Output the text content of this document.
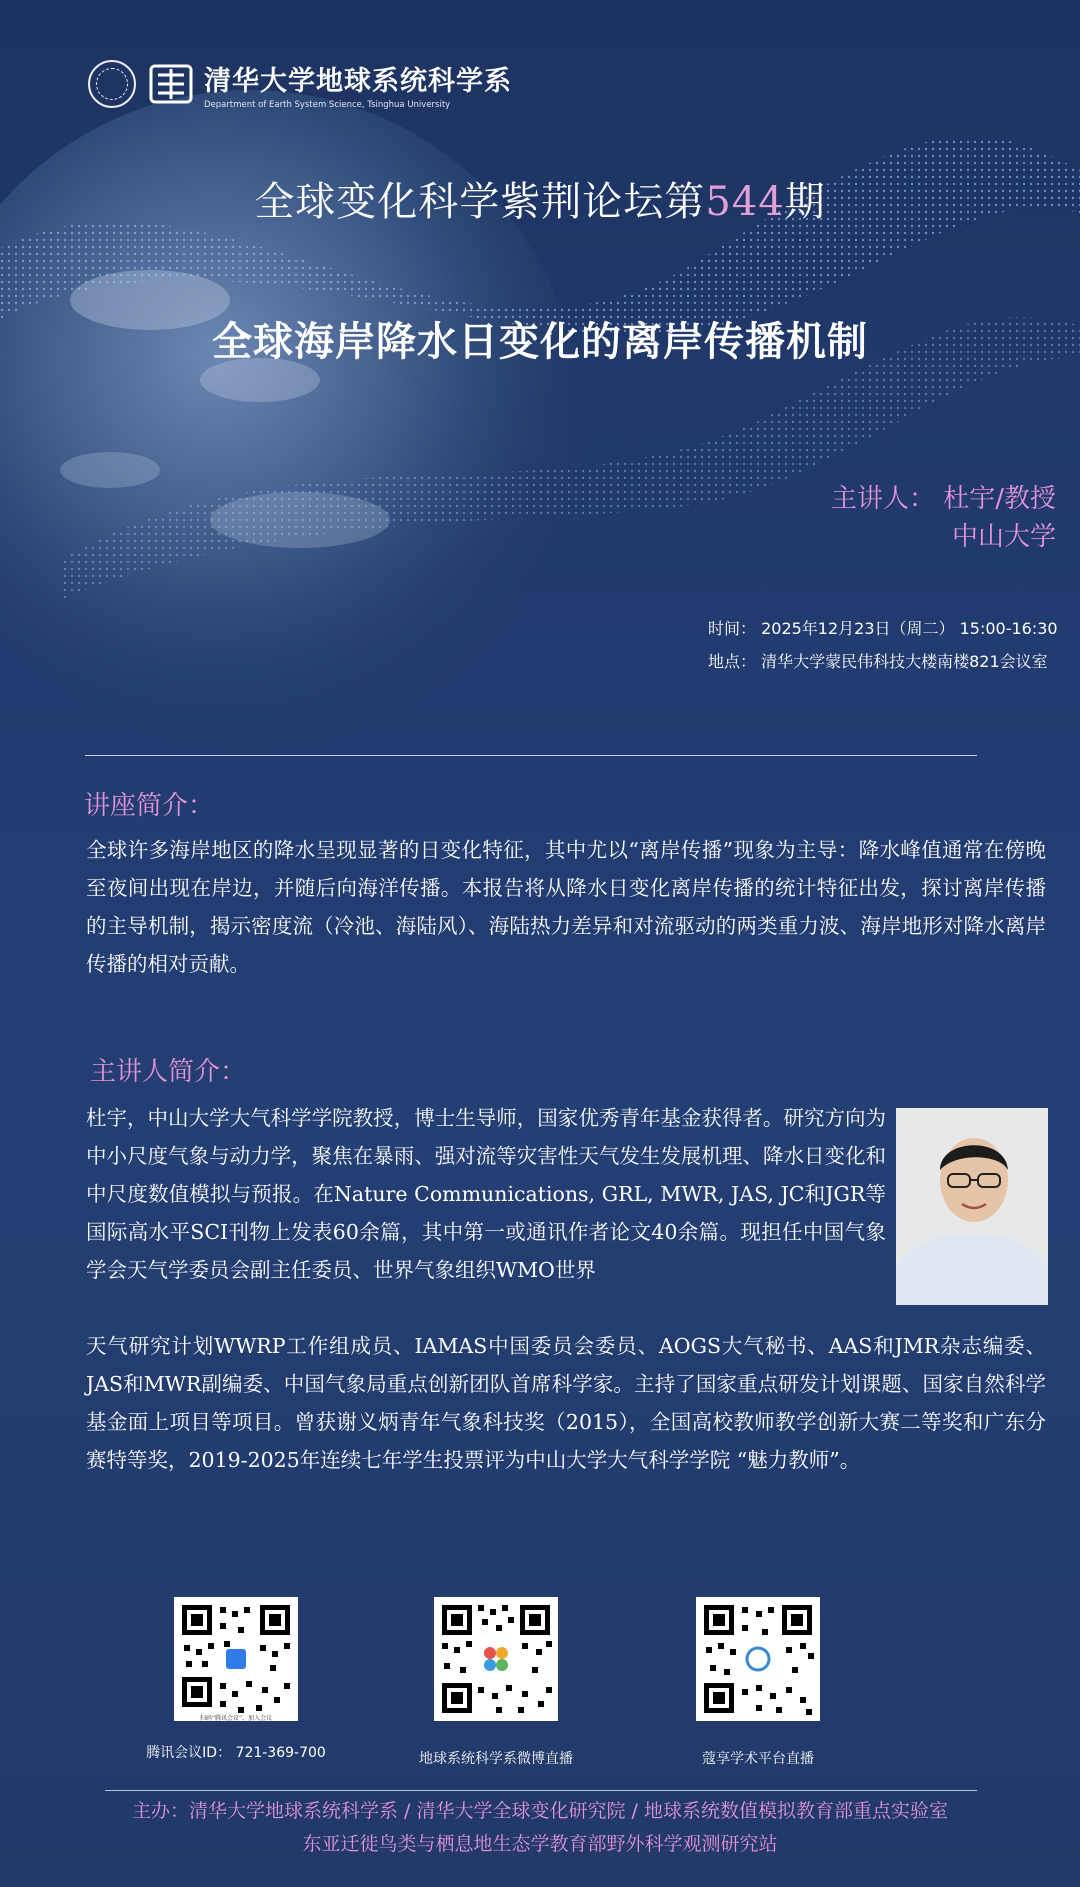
清华大学地球系统科学系
Department of Earth System Science, Tsinghua University
全球变化科学紫荆论坛第544期
全球海岸降水日变化的离岸传播机制
主讲人： 杜宇/教授
中山大学
时间： 2025年12月23日（周二） 15:00-16:30
地点： 清华大学蒙民伟科技大楼南楼821会议室
讲座简介：
全球许多海岸地区的降水呈现显著的日变化特征，其中尤以“离岸传播”现象为主导：降水峰值通常在傍晚至夜间出现在岸边，并随后向海洋传播。本报告将从降水日变化离岸传播的统计特征出发，探讨离岸传播的主导机制，揭示密度流（冷池、海陆风）、海陆热力差异和对流驱动的两类重力波、海岸地形对降水离岸传播的相对贡献。
主讲人简介：
杜宇，中山大学大气科学学院教授，博士生导师，国家优秀青年基金获得者。研究方向为中小尺度气象与动力学，聚焦在暴雨、强对流等灾害性天气发生发展机理、降水日变化和中尺度数值模拟与预报。在Nature Communications, GRL, MWR, JAS, JC和JGR等国际高水平SCI刊物上发表60余篇，其中第一或通讯作者论文40余篇。现担任中国气象学会天气学委员会副主任委员、世界气象组织WMO世界
天气研究计划WWRP工作组成员、IAMAS中国委员会委员、AOGS大气秘书、AAS和JMR杂志编委、JAS和MWR副编委、中国气象局重点创新团队首席科学家。主持了国家重点研发计划课题、国家自然科学基金面上项目等项目。曾获谢义炳青年气象科技奖（2015），全国高校教师教学创新大赛二等奖和广东分赛特等奖，2019-2025年连续七年学生投票评为中山大学大气科学学院 “魅力教师”。
扫码“腾讯会议”，加入会议
腾讯会议ID： 721-369-700	地球系统科学系微博直播	蔻享学术平台直播
主办：清华大学地球系统科学系 / 清华大学全球变化研究院 / 地球系统数值模拟教育部重点实验室
东亚迁徙鸟类与栖息地生态学教育部野外科学观测研究站
